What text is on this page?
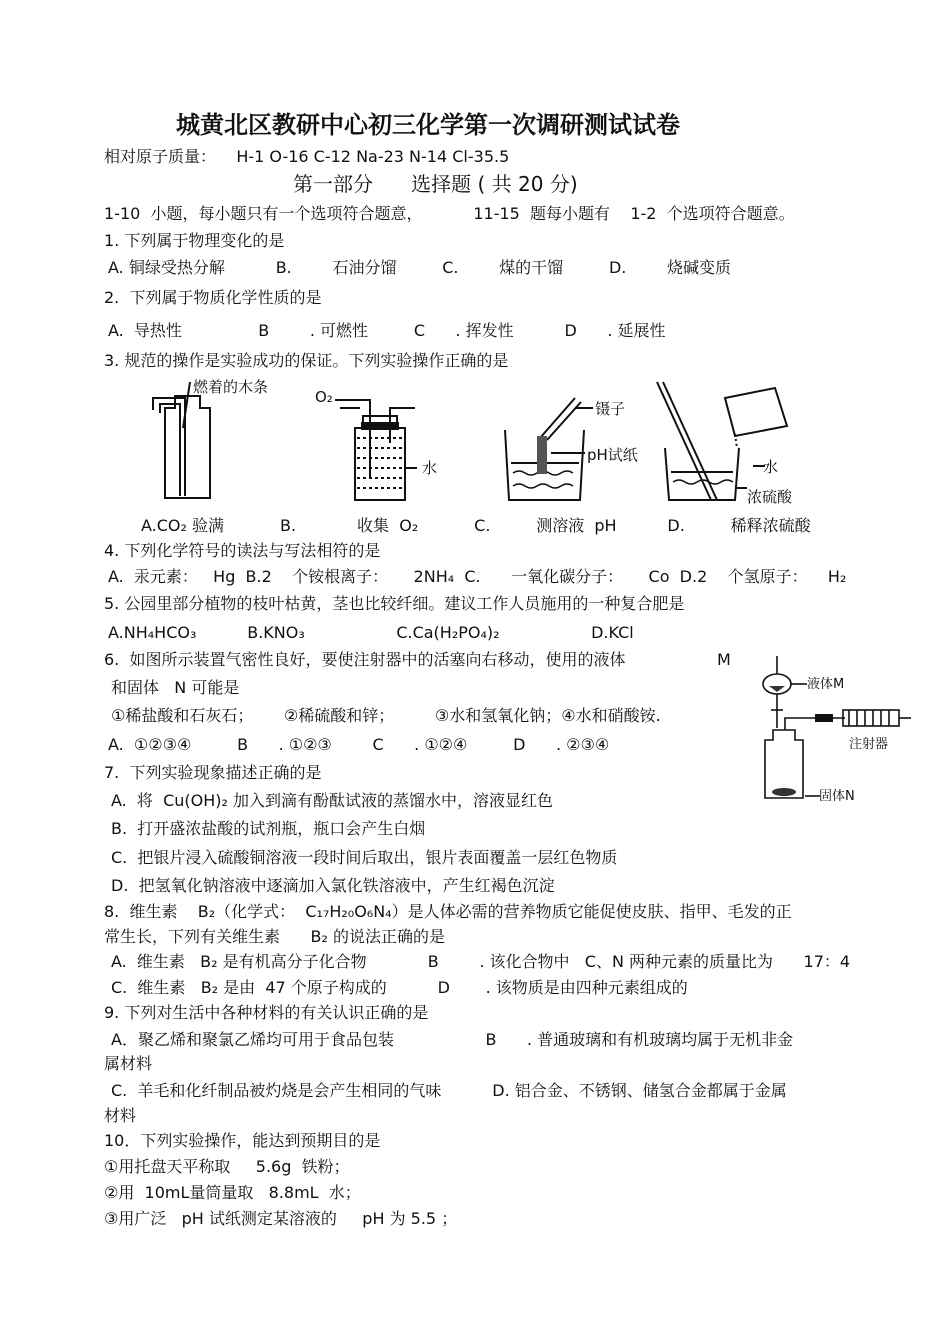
城黄北区教研中心初三化学第一次调研测试试卷
相对原子质量：    H-1 O-16 C-12 Na-23 N-14 Cl-35.5
第一部分      选择题 ( 共 20 分)
1-10  小题，每小题只有一个选项符合题意，          11-15  题每小题有    1-2  个选项符合题意。
1. 下列属于物理变化的是
A. 铜绿受热分解          B.        石油分馏         C.        煤的干馏         D.        烧碱变质
2.  下列属于物质化学性质的是
A.  导热性               B        . 可燃性         C      . 挥发性          D      . 延展性
3. 规范的操作是实验成功的保证。下列实验操作正确的是
燃着的木条
O₂
水
镊子
pH试纸
水
浓硫酸
A.CO₂ 验满           B.            收集  O₂           C.         测溶液  pH          D.         稀释浓硫酸
4. 下列化学符号的读法与写法相符的是
A.  汞元素：   Hg  B.2    个铵根离子：     2NH₄  C.      一氧化碳分子：     Co  D.2    个氢原子：    H₂
5. 公园里部分植物的枝叶枯黄，茎也比较纤细。建议工作人员施用的一种复合肥是
A.NH₄HCO₃          B.KNO₃                  C.Ca(H₂PO₄)₂                  D.KCl
6.  如图所示装置气密性良好，要使注射器中的活塞向右移动，使用的液体                  M
和固体   N 可能是
①稀盐酸和石灰石；      ②稀硫酸和锌；        ③水和氢氧化钠；④水和硝酸铵.
A.  ①②③④         B      . ①②③        C      . ①②④         D      . ②③④
液体M
注射器
固体N
7.  下列实验现象描述正确的是
A.  将  Cu(OH)₂ 加入到滴有酚酞试液的蒸馏水中，溶液显红色
B.  打开盛浓盐酸的试剂瓶，瓶口会产生白烟
C.  把银片浸入硫酸铜溶液一段时间后取出，银片表面覆盖一层红色物质
D.  把氢氧化钠溶液中逐滴加入氯化铁溶液中，产生红褐色沉淀
8.  维生素    B₂（化学式：  C₁₇H₂₀O₆N₄）是人体必需的营养物质它能促使皮肤、指甲、毛发的正
常生长，下列有关维生素      B₂ 的说法正确的是
A.  维生素   B₂ 是有机高分子化合物            B        . 该化合物中   C、N 两种元素的质量比为      17：4
C.  维生素   B₂ 是由  47 个原子构成的          D       . 该物质是由四种元素组成的
9. 下列对生活中各种材料的有关认识正确的是
A．聚乙烯和聚氯乙烯均可用于食品包装                  B      . 普通玻璃和有机玻璃均属于无机非金
属材料
C.  羊毛和化纤制品被灼烧是会产生相同的气味          D. 铝合金、不锈钢、储氢合金都属于金属
材料
10．下列实验操作，能达到预期目的是
①用托盘天平称取     5.6g  铁粉；
②用  10mL量筒量取   8.8mL  水；
③用广泛   pH 试纸测定某溶液的     pH 为 5.5 ；
